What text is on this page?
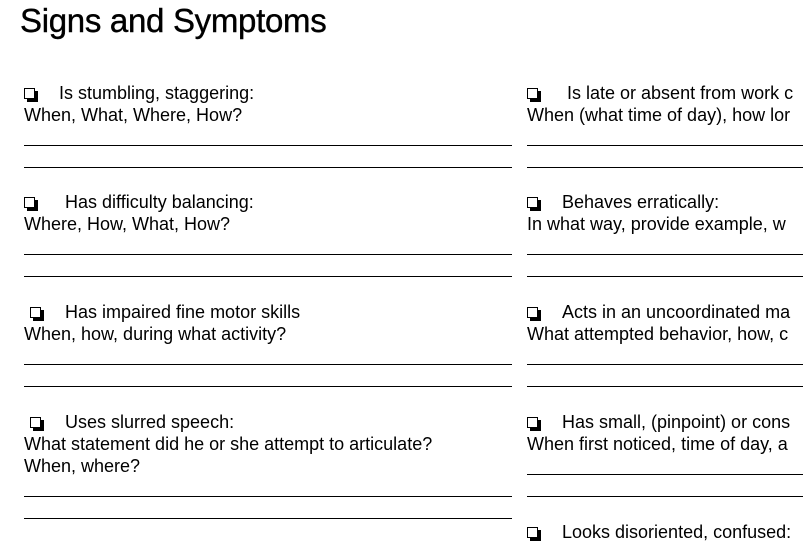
Signs and Symptoms
Is stumbling, staggering:
When, What, Where, How?
Has difficulty balancing:
Where, How, What, How?
Has impaired fine motor skills
When, how, during what activity?
Uses slurred speech:
What statement did he or she attempt to articulate?
When, where?
Is late or absent from work c
When (what time of day), how lor
Behaves erratically:
In what way, provide example, w
Acts in an uncoordinated ma
What attempted behavior, how, c
Has small, (pinpoint) or cons
When first noticed, time of day, a
Looks disoriented, confused:
